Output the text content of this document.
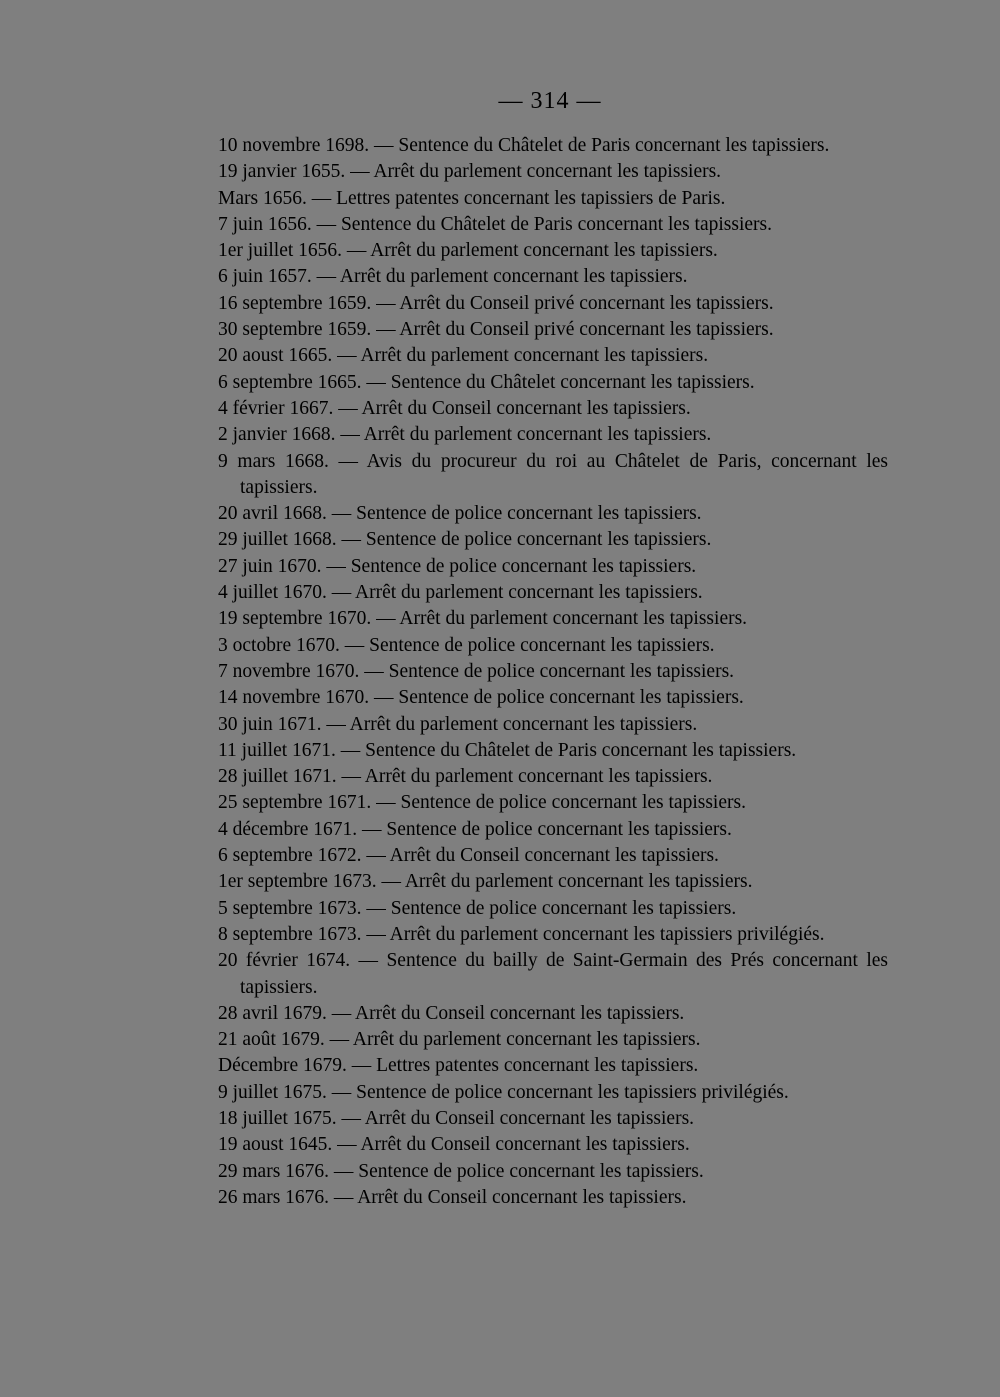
— 314 —
10 novembre 1698. — Sentence du Châtelet de Paris concernant les tapissiers.
19 janvier 1655. — Arrêt du parlement concernant les tapissiers.
Mars 1656. — Lettres patentes concernant les tapissiers de Paris.
7 juin 1656. — Sentence du Châtelet de Paris concernant les tapissiers.
1er juillet 1656. — Arrêt du parlement concernant les tapissiers.
6 juin 1657. — Arrêt du parlement concernant les tapissiers.
16 septembre 1659. — Arrêt du Conseil privé concernant les tapissiers.
30 septembre 1659. — Arrêt du Conseil privé concernant les tapissiers.
20 aoust 1665. — Arrêt du parlement concernant les tapissiers.
6 septembre 1665. — Sentence du Châtelet concernant les tapissiers.
4 février 1667. — Arrêt du Conseil concernant les tapissiers.
2 janvier 1668. — Arrêt du parlement concernant les tapissiers.
9 mars 1668. — Avis du procureur du roi au Châtelet de Paris, concernant les tapissiers.
20 avril 1668. — Sentence de police concernant les tapissiers.
29 juillet 1668. — Sentence de police concernant les tapissiers.
27 juin 1670. — Sentence de police concernant les tapissiers.
4 juillet 1670. — Arrêt du parlement concernant les tapissiers.
19 septembre 1670. — Arrêt du parlement concernant les tapissiers.
3 octobre 1670. — Sentence de police concernant les tapissiers.
7 novembre 1670. — Sentence de police concernant les tapissiers.
14 novembre 1670. — Sentence de police concernant les tapissiers.
30 juin 1671. — Arrêt du parlement concernant les tapissiers.
11 juillet 1671. — Sentence du Châtelet de Paris concernant les tapissiers.
28 juillet 1671. — Arrêt du parlement concernant les tapissiers.
25 septembre 1671. — Sentence de police concernant les tapissiers.
4 décembre 1671. — Sentence de police concernant les tapissiers.
6 septembre 1672. — Arrêt du Conseil concernant les tapissiers.
1er septembre 1673. — Arrêt du parlement concernant les tapissiers.
5 septembre 1673. — Sentence de police concernant les tapissiers.
8 septembre 1673. — Arrêt du parlement concernant les tapissiers privilégiés.
20 février 1674. — Sentence du bailly de Saint-Germain des Prés concernant les tapissiers.
28 avril 1679. — Arrêt du Conseil concernant les tapissiers.
21 août 1679. — Arrêt du parlement concernant les tapissiers.
Décembre 1679. — Lettres patentes concernant les tapissiers.
9 juillet 1675. — Sentence de police concernant les tapissiers privilégiés.
18 juillet 1675. — Arrêt du Conseil concernant les tapissiers.
19 aoust 1645. — Arrêt du Conseil concernant les tapissiers.
29 mars 1676. — Sentence de police concernant les tapissiers.
26 mars 1676. — Arrêt du Conseil concernant les tapissiers.
